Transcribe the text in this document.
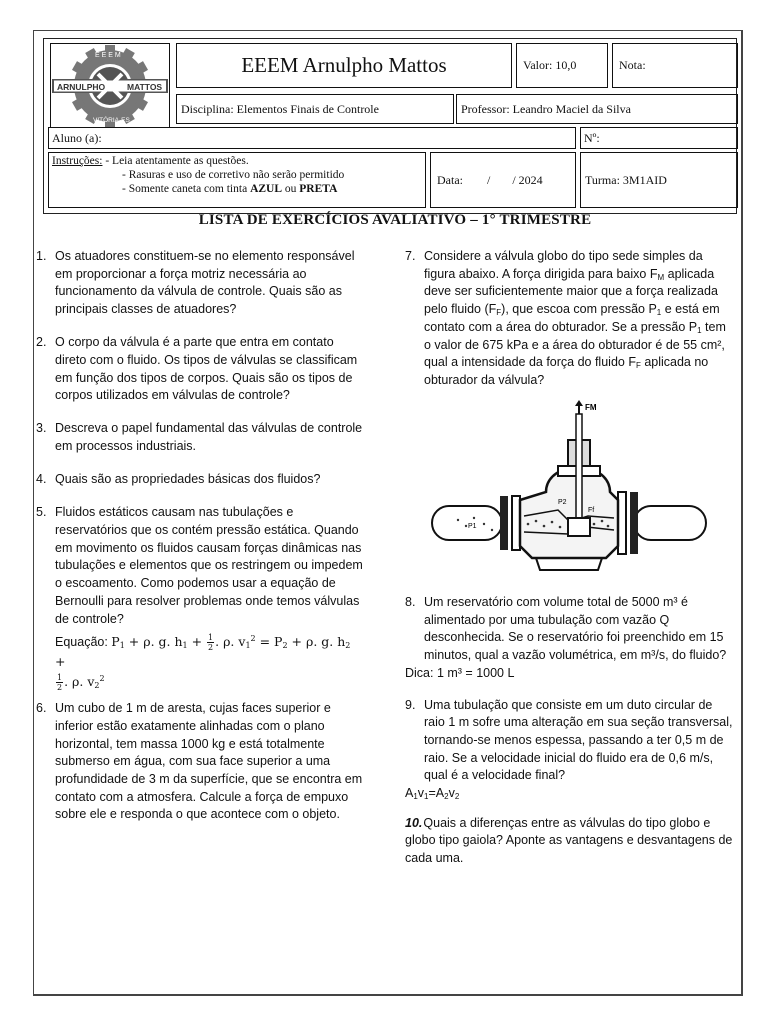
ARNULPHO	MATTOS
E E E M
VITÓRIA-ES
EEEM Arnulpho Mattos	Valor: 10,0	Nota:
Disciplina: Elementos Finais de Controle	Professor: Leandro Maciel da Silva
Aluno (a):	Nº:
Instruções: - Leia atentamente as questões.
- Rasuras e uso de corretivo não serão permitido
- Somente caneta com tinta AZUL ou PRETA
Data: / / 2024	Turma: 3M1AID
LISTA DE EXERCÍCIOS AVALIATIVO – 1° TRIMESTRE
1. Os atuadores constituem-se no elemento responsável em proporcionar a força motriz necessária ao funcionamento da válvula de controle. Quais são as principais classes de atuadores?
2. O corpo da válvula é a parte que entra em contato direto com o fluido. Os tipos de válvulas se classificam em função dos tipos de corpos. Quais são os tipos de corpos utilizados em válvulas de controle?
3. Descreva o papel fundamental das válvulas de controle em processos industriais.
4. Quais são as propriedades básicas dos fluidos?
5. Fluidos estáticos causam nas tubulações e reservatórios que os contém pressão estática. Quando em movimento os fluidos causam forças dinâmicas nas tubulações e elementos que os restringem ou impedem o escoamento. Como podemos usar a equação de Bernoulli para resolver problemas onde temos válvulas de controle?
Equação: $P_1 + \rho$. g. $h_1 + \frac{1}{2}$ . ρ. $v_1^2 = P_2 + \rho$. g. $h_2$ +

$\frac{1}{2}$ . ρ. $v_2^2$
6. Um cubo de 1 m de aresta, cujas faces superior e inferior estão exatamente alinhadas com o plano horizontal, tem massa 1000 kg e está totalmente submerso em água, com sua face superior a uma profundidade de 3 m da superfície, que se encontra em contato com a atmosfera. Calcule a força de empuxo sobre ele e responda o que acontece com o objeto.
7. Considere a válvula globo do tipo sede simples da figura abaixo. A força dirigida para baixo $F_M$ aplicada deve ser suficientemente maior que a força realizada pelo fluido $(F_F)$, que escoa com pressão $P_1$ e está em contato com a área do obturador. Se a pressão $P_1$ tem o valor de 675 kPa e a área do obturador é de 55 cm², qual a intensidade da força do fluido $F_F$ aplicada no obturador da válvula?
FM
P1
P2
Ff
8. Um reservatório com volume total de 5000 m³ é alimentado por uma tubulação com vazão Q desconhecida. Se o reservatório foi preenchido em 15 minutos, qual a vazão volumétrica, em m³/s, do fluido?
Dica: 1 m³ = 1000 L
9. Uma tubulação que consiste em um duto circular de raio 1 m sofre uma alteração em sua seção transversal, tornando-se menos espessa, passando a ter 0,5 m de raio. Se a velocidade inicial do fluido era de 0,6 m/s, qual é a velocidade final?
$A_1v_1=A_2v_2$
10.Quais a diferenças entre as válvulas do tipo globo e globo tipo gaiola? Aponte as vantagens e desvantagens de cada uma.
